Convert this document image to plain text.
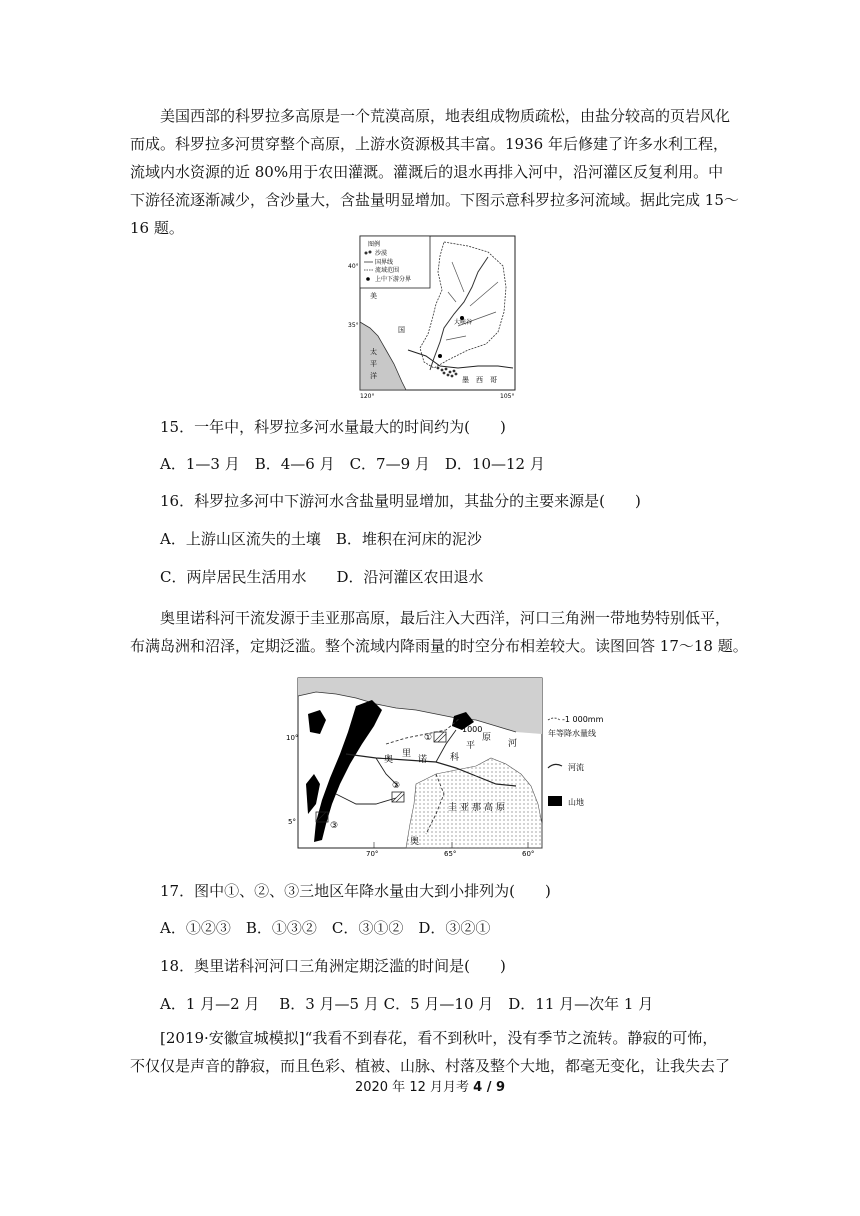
美国西部的科罗拉多高原是一个荒漠高原，地表组成物质疏松，由盐分较高的页岩风化
而成。科罗拉多河贯穿整个高原，上游水资源极其丰富。1936 年后修建了许多水利工程，
流域内水资源的近 80%用于农田灌溉。灌溉后的退水再排入河中，沿河灌区反复利用。中
下游径流逐渐减少，含沙量大，含盐量明显增加。下图示意科罗拉多河流域。据此完成 15～
16 题。
图例
沙漠
国界线
流域范围
上中下游分界
40°
35°
120°	105°
美
国
太
平
洋	墨 西 哥
大峡谷
15．一年中，科罗拉多河水量最大的时间约为(　　)
A．1—3 月　B．4—6 月　C．7—9 月　D．10—12 月
16．科罗拉多河中下游河水含盐量明显增加，其盐分的主要来源是(　　)
A．上游山区流失的土壤　B．堆积在河床的泥沙
C．两岸居民生活用水　　D．沿河灌区农田退水
奥里诺科河干流发源于圭亚那高原，最后注入大西洋，河口三角洲一带地势特别低平，
布满岛洲和沼泽，定期泛滥。整个流域内降雨量的时空分布相差较大。读图回答 17～18 题。
10°
5°
70°	65°	60°
1000
奥
里
诺	科
平
原
河
圭 亚 那 高 原
奥
①
②
③
-1 000mm
年等降水量线
河流
山地
17．图中①、②、③三地区年降水量由大到小排列为(　　)
A．①②③　B．①③②　C．③①②　D．③②①
18．奥里诺科河河口三角洲定期泛滥的时间是(　　)
A．1 月—2 月　 B．3 月—5 月 C．5 月—10 月　D．11 月—次年 1 月
[2019·安徽宣城模拟]“我看不到春花，看不到秋叶，没有季节之流转。静寂的可怖，
不仅仅是声音的静寂，而且色彩、植被、山脉、村落及整个大地，都毫无变化，让我失去了
2020 年 12 月月考 4 / 9
